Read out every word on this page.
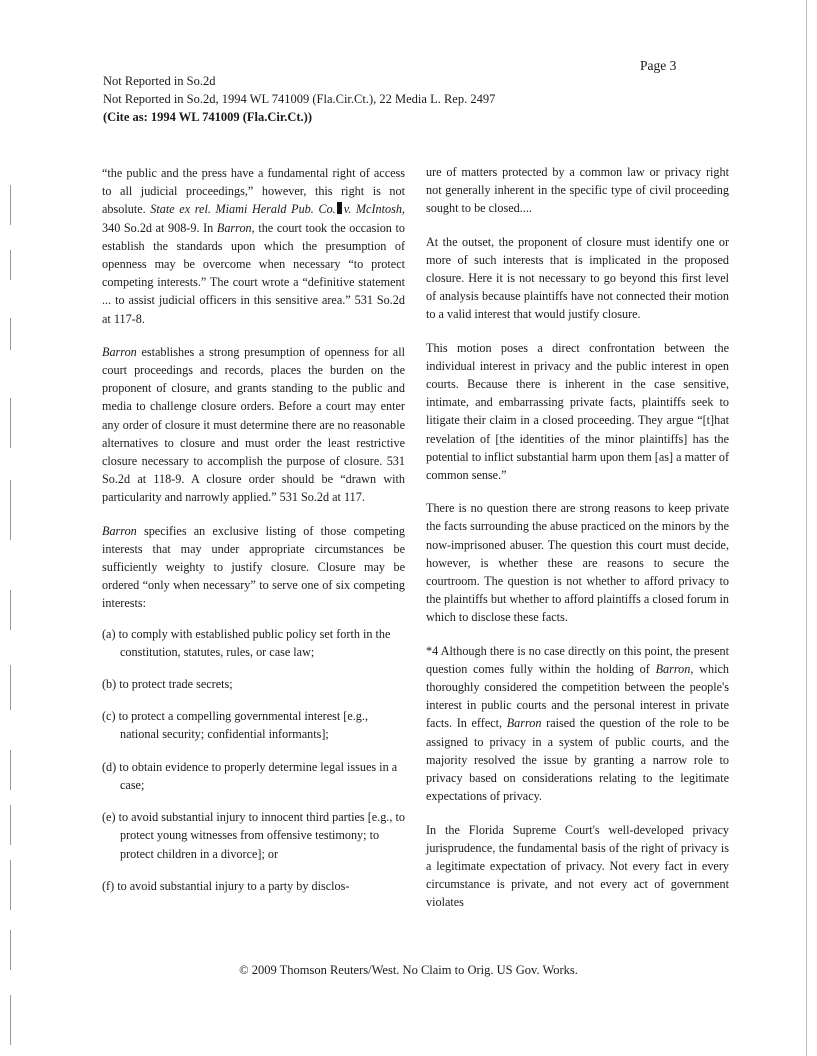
Page 3
Not Reported in So.2d
Not Reported in So.2d, 1994 WL 741009 (Fla.Cir.Ct.), 22 Media L. Rep. 2497
(Cite as: 1994 WL 741009 (Fla.Cir.Ct.))

“the public and the press have a fundamental right of access to all judicial proceedings,” however, this right is not absolute. State ex rel. Miami Herald Pub. Co. v. McIntosh, 340 So.2d at 908-9. In Barron, the court took the occasion to establish the standards upon which the presumption of openness may be overcome when necessary “to protect competing interests.” The court wrote a “definitive statement ... to assist judicial officers in this sensitive area.” 531 So.2d at 117-8.

Barron establishes a strong presumption of openness for all court proceedings and records, places the burden on the proponent of closure, and grants standing to the public and media to challenge closure orders. Before a court may enter any order of closure it must determine there are no reasonable alternatives to closure and must order the least restrictive closure necessary to accomplish the purpose of closure. 531 So.2d at 118-9. A closure order should be “drawn with particularity and narrowly applied.” 531 So.2d at 117.

Barron specifies an exclusive listing of those competing interests that may under appropriate circumstances be sufficiently weighty to justify closure. Closure may be ordered “only when necessary” to serve one of six competing interests:

(a) to comply with established public policy set forth in the constitution, statutes, rules, or case law;
(b) to protect trade secrets;
(c) to protect a compelling governmental interest [e.g., national security; confidential informants];
(d) to obtain evidence to properly determine legal issues in a case;
(e) to avoid substantial injury to innocent third parties [e.g., to protect young witnesses from offensive testimony; to protect children in a divorce]; or
(f) to avoid substantial injury to a party by disclos-

ure of matters protected by a common law or privacy right not generally inherent in the specific type of civil proceeding sought to be closed....

At the outset, the proponent of closure must identify one or more of such interests that is implicated in the proposed closure. Here it is not necessary to go beyond this first level of analysis because plaintiffs have not connected their motion to a valid interest that would justify closure.

This motion poses a direct confrontation between the individual interest in privacy and the public interest in open courts. Because there is inherent in the case sensitive, intimate, and embarrassing private facts, plaintiffs seek to litigate their claim in a closed proceeding. They argue “[t]hat revelation of [the identities of the minor plaintiffs] has the potential to inflict substantial harm upon them [as] a matter of common sense.”

There is no question there are strong reasons to keep private the facts surrounding the abuse practiced on the minors by the now-imprisoned abuser. The question this court must decide, however, is whether these are reasons to secure the courtroom. The question is not whether to afford privacy to the plaintiffs but whether to afford plaintiffs a closed forum in which to disclose these facts.

*4 Although there is no case directly on this point, the present question comes fully within the holding of Barron, which thoroughly considered the competition between the people's interest in public courts and the personal interest in private facts. In effect, Barron raised the question of the role to be assigned to privacy in a system of public courts, and the majority resolved the issue by granting a narrow role to privacy based on considerations relating to the legitimate expectations of privacy.

In the Florida Supreme Court's well-developed privacy jurisprudence, the fundamental basis of the right of privacy is a legitimate expectation of privacy. Not every fact in every circumstance is private, and not every act of government violates

© 2009 Thomson Reuters/West. No Claim to Orig. US Gov. Works.
